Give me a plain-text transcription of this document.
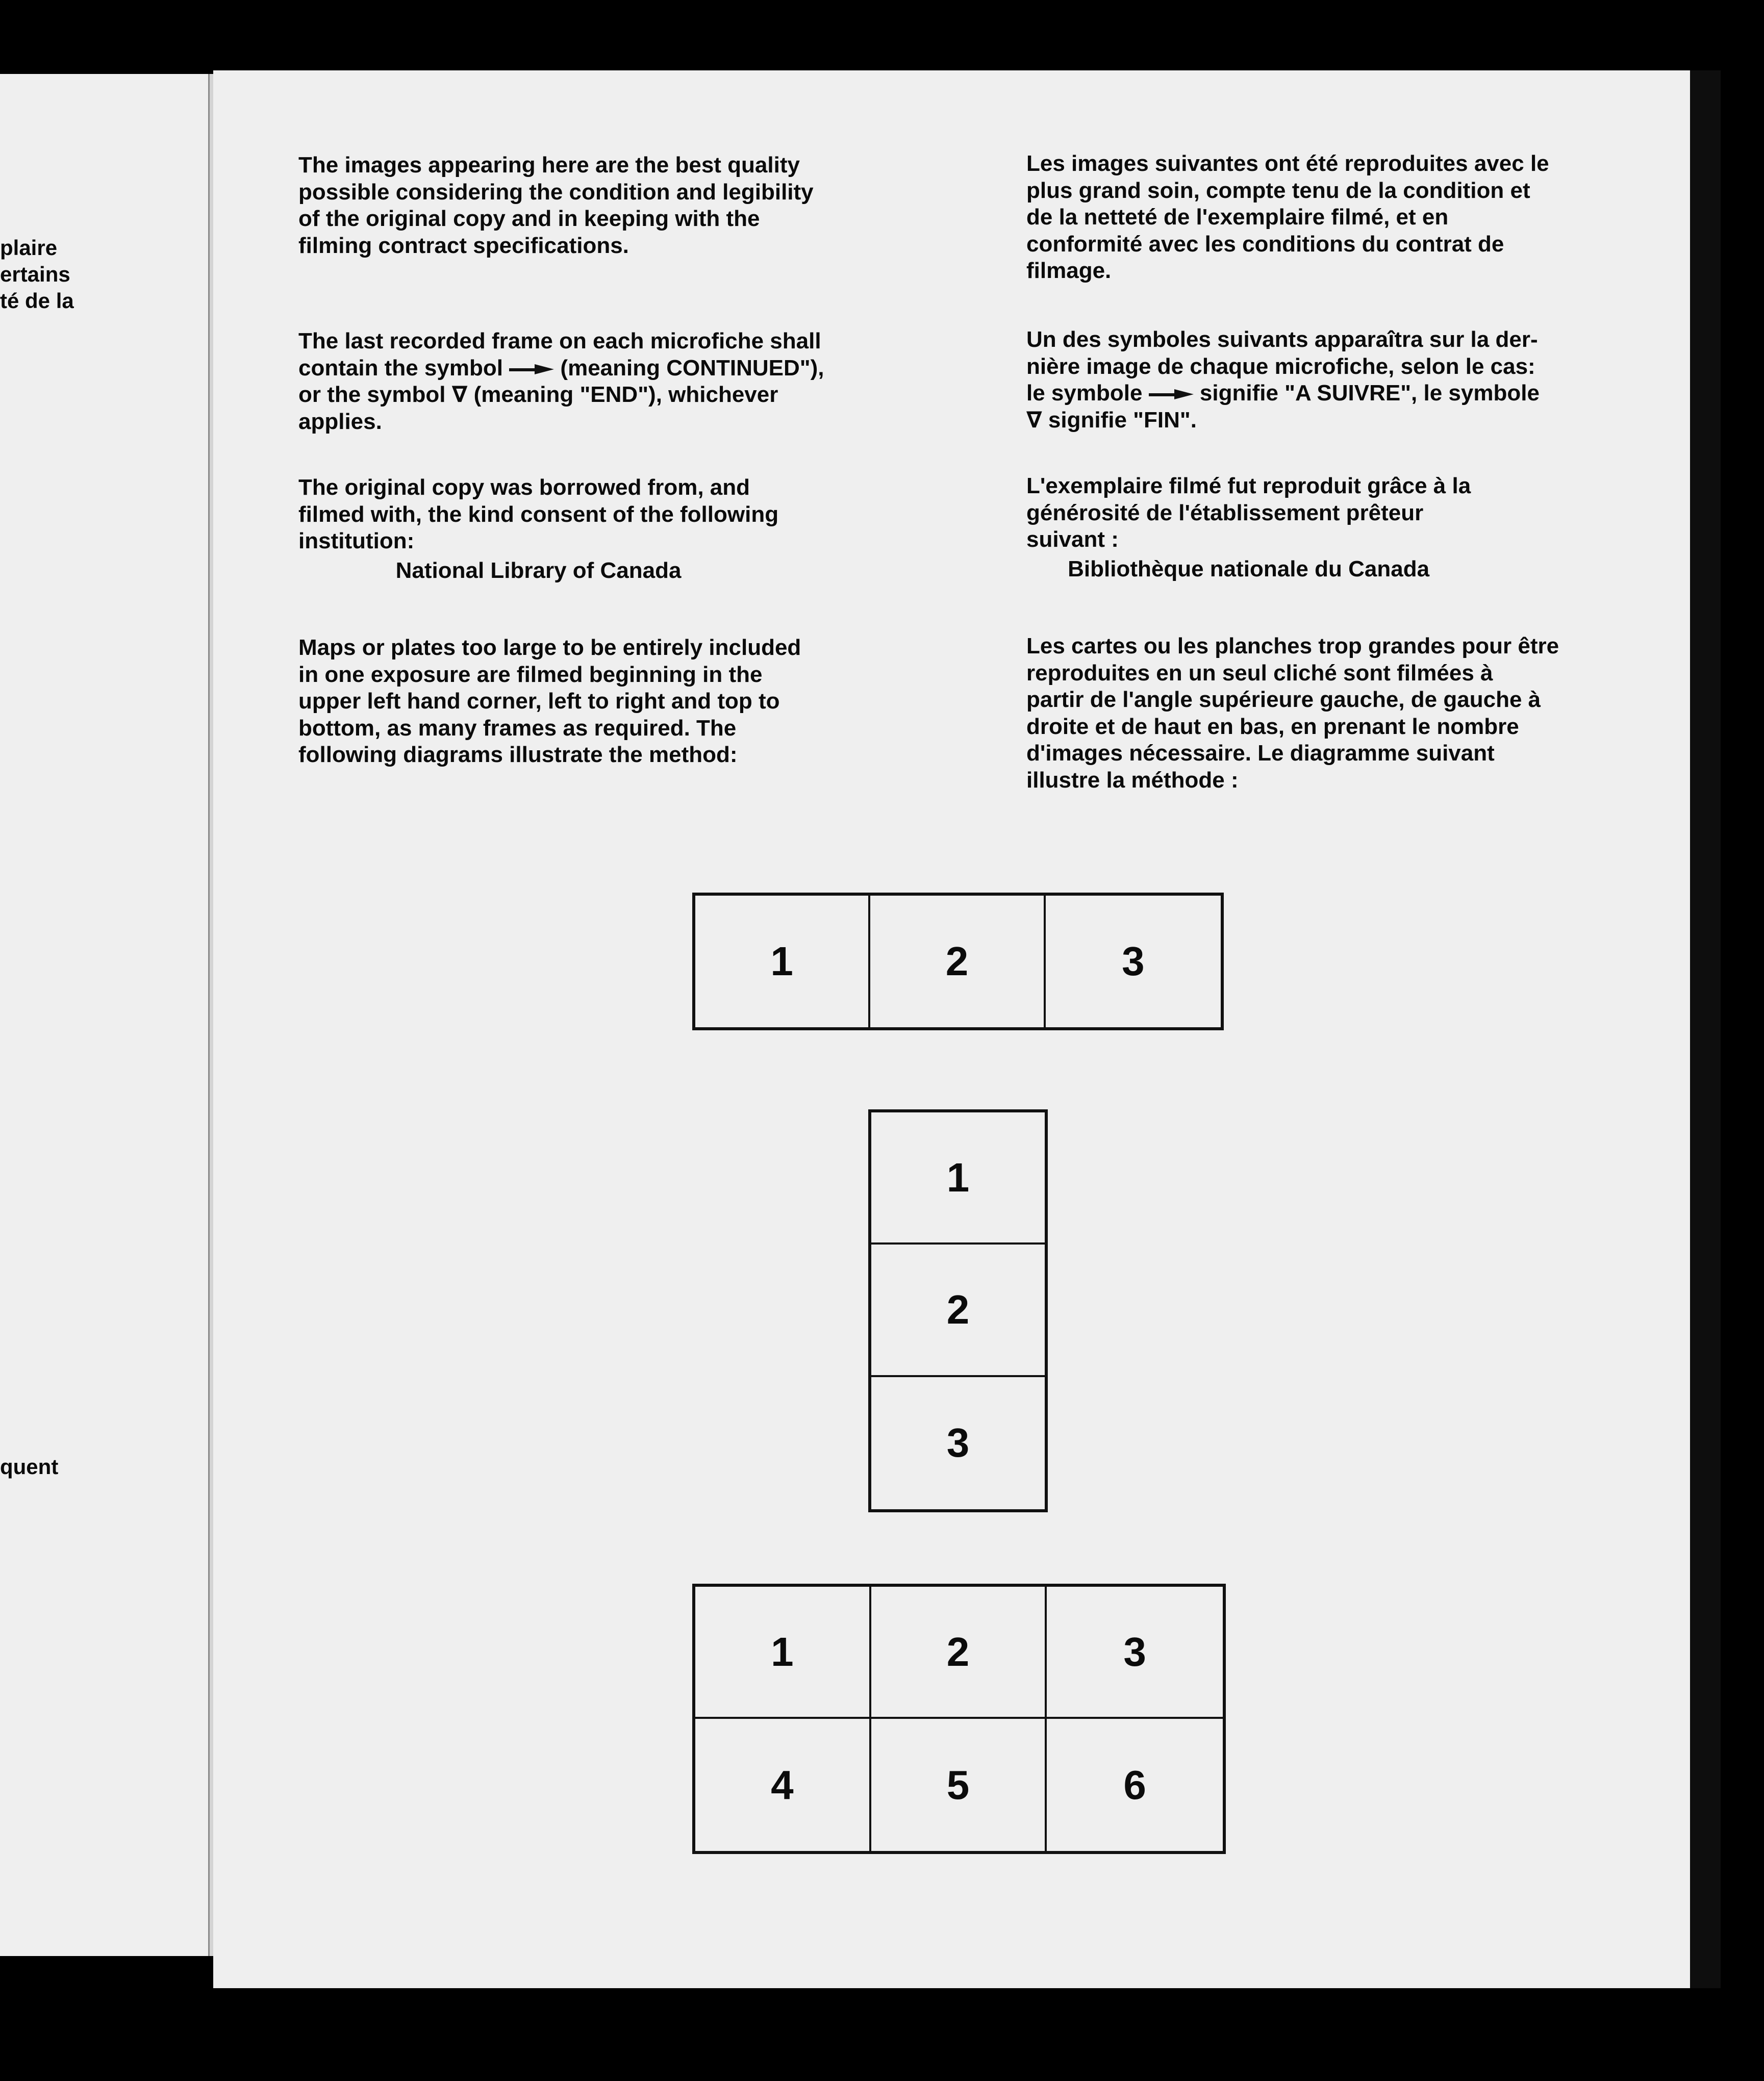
plaire
ertains
té de la
quent

The images appearing here are the best quality

possible considering the condition and legibility

of the original copy and in keeping with the

filming contract specifications.

The last recorded frame on each microfiche shall

contain the symbol	(meaning CONTINUED"),

or the symbol ∇ (meaning "END"), whichever

applies.

The original copy was borrowed from, and

filmed with, the kind consent of the following

institution:

National Library of Canada

Maps or plates too large to be entirely included

in one exposure are filmed beginning in the

upper left hand corner, left to right and top to

bottom, as many frames as required. The

following diagrams illustrate the method:

Les images suivantes ont été reproduites avec le

plus grand soin, compte tenu de la condition et

de la netteté de l'exemplaire filmé, et en

conformité avec les conditions du contrat de

filmage.

Un des symboles suivants apparaîtra sur la der-

nière image de chaque microfiche, selon le cas:

le symbole	signifie "A SUIVRE", le symbole

∇ signifie "FIN".

L'exemplaire filmé fut reproduit grâce à la

générosité de l'établissement prêteur

suivant :

Bibliothèque nationale du Canada

Les cartes ou les planches trop grandes pour être

reproduites en un seul cliché sont filmées à

partir de l'angle supérieure gauche, de gauche à

droite et de haut en bas, en prenant le nombre

d'images nécessaire. Le diagramme suivant

illustre la méthode :

1	2	3
1
2
3
1	2	3
4	5	6
